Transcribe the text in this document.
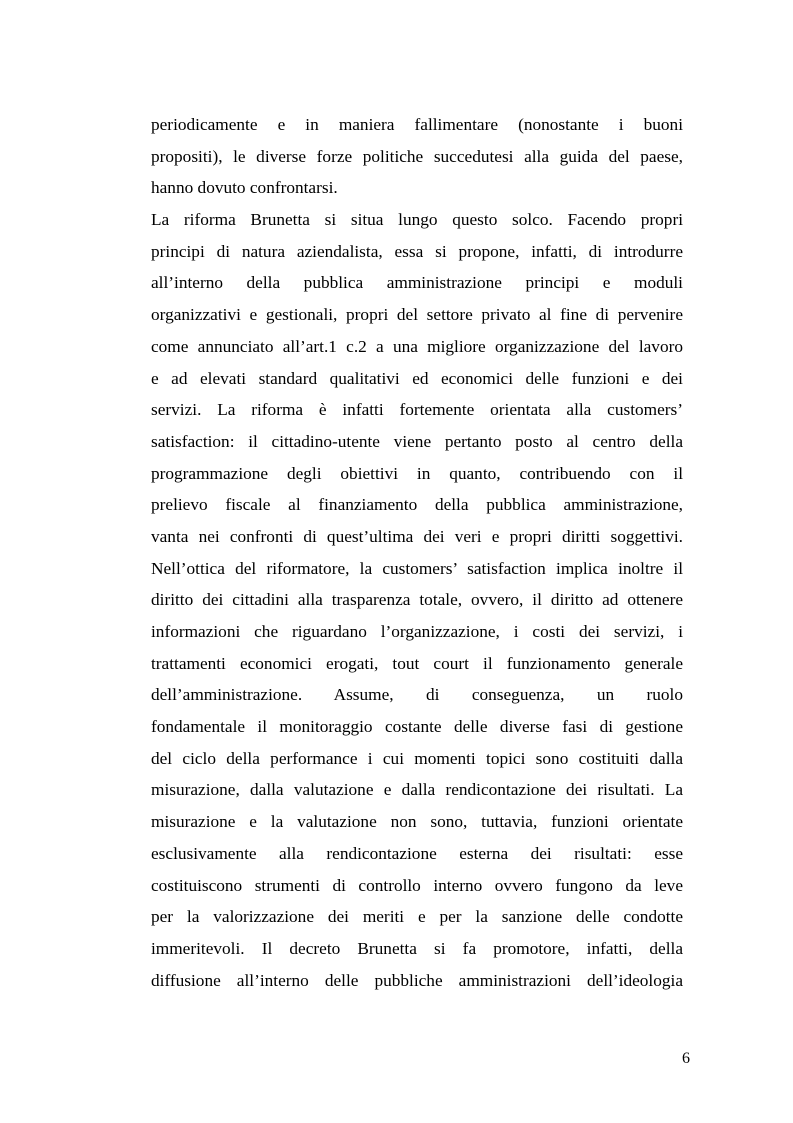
periodicamente e in maniera fallimentare (nonostante i buoni
propositi), le diverse forze politiche succedutesi alla guida del paese,
hanno dovuto confrontarsi.
La riforma Brunetta si situa lungo questo solco. Facendo propri
principi di natura aziendalista, essa si propone, infatti, di introdurre
all’interno della pubblica amministrazione principi e moduli
organizzativi e gestionali, propri del settore privato al fine di pervenire
come annunciato all’art.1 c.2 a una migliore organizzazione del lavoro
e ad elevati standard qualitativi ed economici delle funzioni e dei
servizi. La riforma è infatti fortemente orientata alla customers’
satisfaction: il cittadino-utente viene pertanto posto al centro della
programmazione degli obiettivi in quanto, contribuendo con il
prelievo fiscale al finanziamento della pubblica amministrazione,
vanta nei confronti di quest’ultima dei veri e propri diritti soggettivi.
Nell’ottica del riformatore, la customers’ satisfaction implica inoltre il
diritto dei cittadini alla trasparenza totale, ovvero, il diritto ad ottenere
informazioni che riguardano l’organizzazione, i costi dei servizi, i
trattamenti economici erogati, tout court il funzionamento generale
dell’amministrazione. Assume, di conseguenza, un ruolo
fondamentale il monitoraggio costante delle diverse fasi di gestione
del ciclo della performance i cui momenti topici sono costituiti dalla
misurazione, dalla valutazione e dalla rendicontazione dei risultati. La
misurazione e la valutazione non sono, tuttavia, funzioni orientate
esclusivamente alla rendicontazione esterna dei risultati: esse
costituiscono strumenti di controllo interno ovvero fungono da leve
per la valorizzazione dei meriti e per la sanzione delle condotte
immeritevoli. Il decreto Brunetta si fa promotore, infatti, della
diffusione all’interno delle pubbliche amministrazioni dell’ideologia
6
